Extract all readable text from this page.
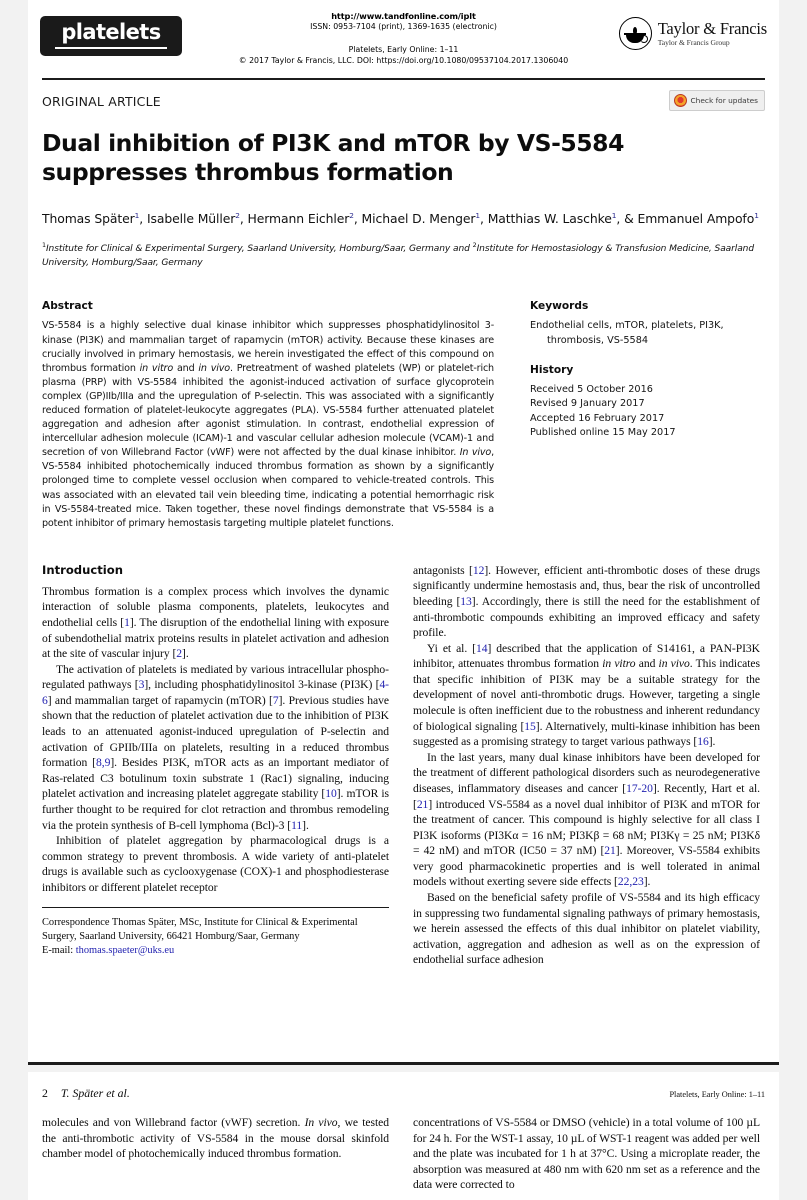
platelets
http://www.tandfonline.com/iplt
ISSN: 0953-7104 (print), 1369-1635 (electronic)
Platelets, Early Online: 1–11
© 2017 Taylor & Francis, LLC. DOI: https://doi.org/10.1080/09537104.2017.1306040
Taylor & Francis
Taylor & Francis Group
ORIGINAL ARTICLE	Check for updates
Dual inhibition of PI3K and mTOR by VS-5584 suppresses thrombus formation
Thomas Später$^1$, Isabelle Müller$^2$, Hermann Eichler$^2$, Michael D. Menger$^1$, Matthias W. Laschke$^1$, & Emmanuel Ampofo$^1$
$^1$Institute for Clinical & Experimental Surgery, Saarland University, Homburg/Saar, Germany and $^2$Institute for Hemostasiology & Transfusion Medicine, Saarland University, Homburg/Saar, Germany
Abstract
VS-5584 is a highly selective dual kinase inhibitor which suppresses phosphatidylinositol 3-kinase (PI3K) and mammalian target of rapamycin (mTOR) activity. Because these kinases are crucially involved in primary hemostasis, we herein investigated the effect of this compound on thrombus formation in vitro and in vivo. Pretreatment of washed platelets (WP) or platelet-rich plasma (PRP) with VS-5584 inhibited the agonist-induced activation of surface glycoprotein complex (GP)IIb/IIIa and the upregulation of P-selectin. This was associated with a significantly reduced formation of platelet-leukocyte aggregates (PLA). VS-5584 further attenuated platelet aggregation and adhesion after agonist stimulation. In contrast, endothelial expression of intercellular adhesion molecule (ICAM)-1 and vascular cellular adhesion molecule (VCAM)-1 and secretion of von Willebrand Factor (vWF) were not affected by the dual kinase inhibitor. In vivo, VS-5584 inhibited photochemically induced thrombus formation as shown by a significantly prolonged time to complete vessel occlusion when compared to vehicle-treated controls. This was associated with an elevated tail vein bleeding time, indicating a potential hemorrhagic risk in VS-5584-treated mice. Taken together, these novel findings demonstrate that VS-5584 is a potent inhibitor of primary hemostasis targeting multiple platelet functions.
Keywords
Endothelial cells, mTOR, platelets, PI3K,
thrombosis, VS-5584
History
Received 5 October 2016
Revised 9 January 2017
Accepted 16 February 2017
Published online 15 May 2017
Introduction

Thrombus formation is a complex process which involves the dynamic interaction of soluble plasma components, platelets, leukocytes and endothelial cells [1]. The disruption of the endothelial lining with exposure of subendothelial matrix proteins results in platelet activation and adhesion at the site of vascular injury [2].

The activation of platelets is mediated by various intracellular phospho-regulated pathways [3], including phosphatidylinositol 3-kinase (PI3K) [4-6] and mammalian target of rapamycin (mTOR) [7]. Previous studies have shown that the reduction of platelet activation due to the inhibition of PI3K leads to an attenuated agonist-induced upregulation of P-selectin and activation of GPIIb/IIIa on platelets, resulting in a reduced thrombus formation [8,9]. Besides PI3K, mTOR acts as an important mediator of Ras-related C3 botulinum toxin substrate 1 (Rac1) signaling, inducing platelet activation and increasing platelet aggregate stability [10]. mTOR is further thought to be required for clot retraction and thrombus remodeling via the protein synthesis of B-cell lymphoma (Bcl)-3 [11].

Inhibition of platelet aggregation by pharmacological drugs is a common strategy to prevent thrombosis. A wide variety of anti-platelet drugs is available such as cyclooxygenase (COX)-1 and phosphodiesterase inhibitors or different platelet receptor

Correspondence Thomas Später, MSc, Institute for Clinical & Experimental
Surgery, Saarland University, 66421 Homburg/Saar, Germany
E-mail: thomas.spaeter@uks.eu

antagonists [12]. However, efficient anti-thrombotic doses of these drugs significantly undermine hemostasis and, thus, bear the risk of uncontrolled bleeding [13]. Accordingly, there is still the need for the establishment of anti-thrombotic compounds exhibiting an improved efficacy and safety profile.

Yi et al. [14] described that the application of S14161, a PAN-PI3K inhibitor, attenuates thrombus formation in vitro and in vivo. This indicates that specific inhibition of PI3K may be a suitable strategy for the development of novel anti-thrombotic drugs. However, targeting a single molecule is often inefficient due to the robustness and inherent redundancy of biological signaling [15]. Alternatively, multi-kinase inhibition has been suggested as a promising strategy to target various pathways [16].

In the last years, many dual kinase inhibitors have been developed for the treatment of different pathological disorders such as neurodegenerative diseases, inflammatory diseases and cancer [17-20]. Recently, Hart et al. [21] introduced VS-5584 as a novel dual inhibitor of PI3K and mTOR for the treatment of cancer. This compound is highly selective for all class I PI3K isoforms (PI3Kα = 16 nM; PI3Kβ = 68 nM; PI3Kγ = 25 nM; PI3Kδ = 42 nM) and mTOR (IC50 = 37 nM) [21]. Moreover, VS-5584 exhibits very good pharmacokinetic properties and is well tolerated in animal models without exerting severe side effects [22,23].

Based on the beneficial safety profile of VS-5584 and its high efficacy in suppressing two fundamental signaling pathways of primary hemostasis, we herein assessed the effects of this dual inhibitor on platelet viability, activation, aggregation and adhesion as well as on the expression of endothelial surface adhesion

2 T. Später et al.	Platelets, Early Online: 1–11

molecules and von Willebrand factor (vWF) secretion. In vivo, we tested the anti-thrombotic activity of VS-5584 in the mouse dorsal skinfold chamber model of photochemically induced thrombus formation.

concentrations of VS-5584 or DMSO (vehicle) in a total volume of 100 µL for 24 h. For the WST-1 assay, 10 µL of WST-1 reagent was added per well and the plate was incubated for 1 h at 37°C. Using a microplate reader, the absorption was measured at 480 nm with 620 nm set as a reference and the data were corrected to
